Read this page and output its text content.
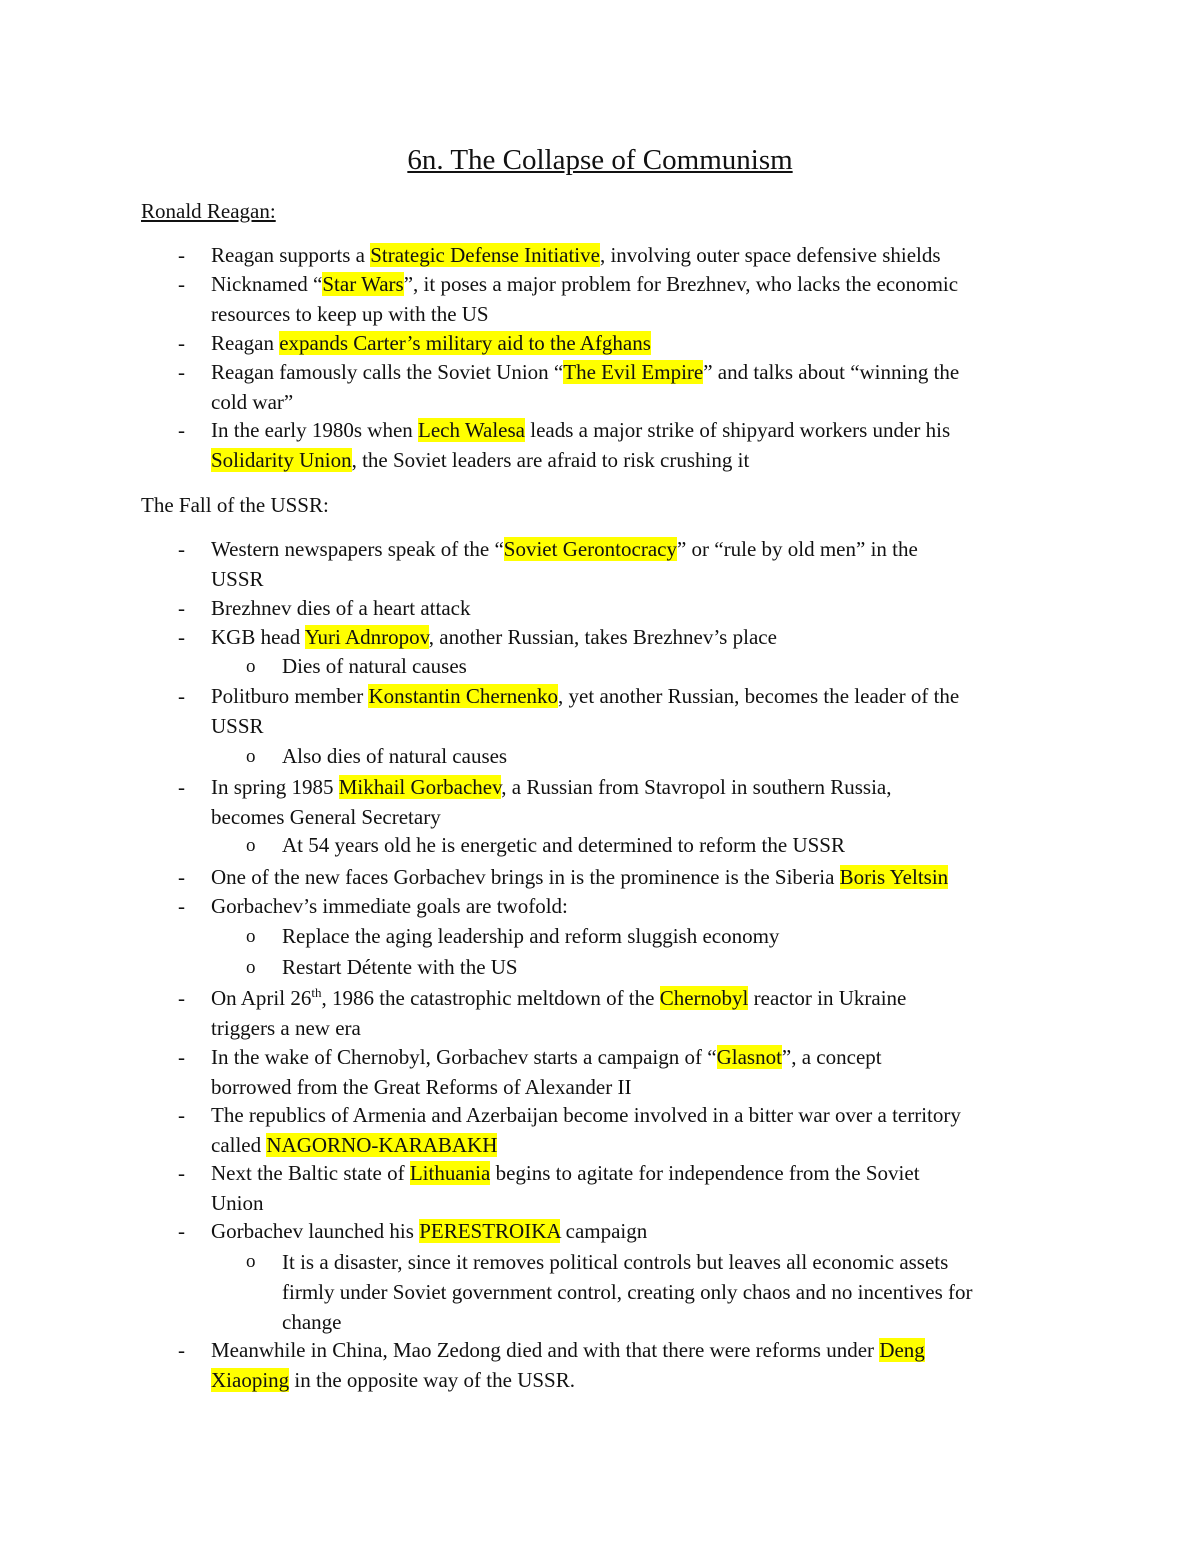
6n. The Collapse of Communism
Ronald Reagan:
- Reagan supports a Strategic Defense Initiative, involving outer space defensive shields
- Nicknamed “Star Wars”, it poses a major problem for Brezhnev, who lacks the economic
resources to keep up with the US
- Reagan expands Carter’s military aid to the Afghans
- Reagan famously calls the Soviet Union “The Evil Empire” and talks about “winning the
cold war”
- In the early 1980s when Lech Walesa leads a major strike of shipyard workers under his
Solidarity Union, the Soviet leaders are afraid to risk crushing it
The Fall of the USSR:
- Western newspapers speak of the “Soviet Gerontocracy” or “rule by old men” in the
USSR
- Brezhnev dies of a heart attack
- KGB head Yuri Adnropov, another Russian, takes Brezhnev’s place
o Dies of natural causes
- Politburo member Konstantin Chernenko, yet another Russian, becomes the leader of the
USSR
o Also dies of natural causes
- In spring 1985 Mikhail Gorbachev, a Russian from Stavropol in southern Russia,
becomes General Secretary
o At 54 years old he is energetic and determined to reform the USSR
- One of the new faces Gorbachev brings in is the prominence is the Siberia Boris Yeltsin
- Gorbachev’s immediate goals are twofold:
o Replace the aging leadership and reform sluggish economy
o Restart Détente with the US
- On April 26th, 1986 the catastrophic meltdown of the Chernobyl reactor in Ukraine
triggers a new era
- In the wake of Chernobyl, Gorbachev starts a campaign of “Glasnot”, a concept
borrowed from the Great Reforms of Alexander II
- The republics of Armenia and Azerbaijan become involved in a bitter war over a territory
called NAGORNO-KARABAKH
- Next the Baltic state of Lithuania begins to agitate for independence from the Soviet
Union
- Gorbachev launched his PERESTROIKA campaign
o It is a disaster, since it removes political controls but leaves all economic assets
firmly under Soviet government control, creating only chaos and no incentives for
change
- Meanwhile in China, Mao Zedong died and with that there were reforms under Deng
Xiaoping in the opposite way of the USSR.
